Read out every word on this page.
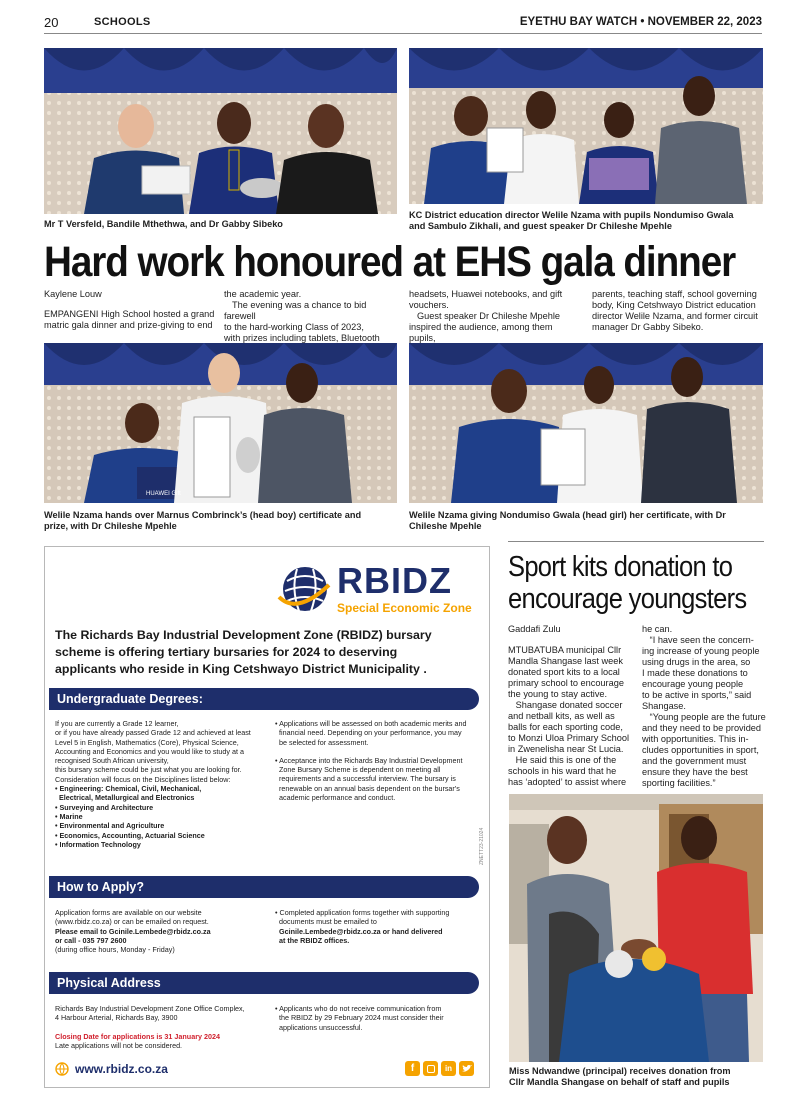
20	SCHOOLS	EYETHU BAY WATCH • NOVEMBER 22, 2023
Mr T Versfeld, Bandile Mthethwa, and Dr Gabby Sibeko
KC District education director Welile Nzama with pupils Nondumiso Gwala
and Sambulo Zikhali, and guest speaker Dr Chileshe Mpehle
Hard work honoured at EHS gala dinner
Kaylene Louw
EMPANGENI High School hosted a grand
matric gala dinner and prize-giving to end
the academic year.
The evening was a chance to bid farewell
to the hard-working Class of 2023,
with prizes including tablets, Bluetooth
headsets, Huawei notebooks, and gift
vouchers.
Guest speaker Dr Chileshe Mpehle
inspired the audience, among them pupils,
parents, teaching staff, school governing
body, King Cetshwayo District education
director Welile Nzama, and former circuit
manager Dr Gabby Sibeko.
HUAWEI Gift
Welile Nzama hands over Marnus Combrinck’s (head boy) certificate and
prize, with Dr Chileshe Mpehle
Welile Nzama giving Nondumiso Gwala (head girl) her certificate, with Dr
Chileshe Mpehle
RBIDZ
Special Economic Zone
The Richards Bay Industrial Development Zone (RBIDZ) bursary
scheme is offering tertiary bursaries for 2024 to deserving
applicants who reside in King Cetshwayo District Municipality .
Undergraduate Degrees:
If you are currently a Grade 12 learner,
or if you have already passed Grade 12 and achieved at least
Level 5 in English, Mathematics (Core), Physical Science,
Accounting and Economics and you would like to study at a
recognised South African university,
this bursary scheme could be just what you are looking for.
Consideration will focus on the Disciplines listed below:
• Engineering: Chemical, Civil, Mechanical,
Electrical, Metallurgical and Electronics
• Surveying and Architecture
• Marine
• Environmental and Agriculture
• Economics, Accounting, Actuarial Science
• Information Technology
• Applications will be assessed on both academic merits and
financial need. Depending on your performance, you may
be selected for assessment.
• Acceptance into the Richards Bay Industrial Development
Zone Bursary Scheme is dependent on meeting all
requirements and a successful interview. The bursary is
renewable on an annual basis dependent on the bursar's
academic performance and conduct.
ZNETT23-21024
How to Apply?
Application forms are available on our website
(www.rbidz.co.za) or can be emailed on request.
Please email to Gcinile.Lembede@rbidz.co.za
or call - 035 797 2600
(during office hours, Monday - Friday)
• Completed application forms together with supporting
documents must be emailed to
Gcinile.Lembede@rbidz.co.za or hand delivered
at the RBIDZ offices.
Physical Address
Richards Bay Industrial Development Zone Office Complex,
4 Harbour Arterial, Richards Bay, 3900
Closing Date for applications is 31 January 2024
Late applications will not be considered.
• Applicants who do not receive communication from
the RBIDZ by 29 February 2024 must consider their
applications unsuccessful.
www.rbidz.co.za	f	in
Sport kits donation to
encourage youngsters
Gaddafi Zulu
MTUBATUBA municipal Cllr
Mandla Shangase last week
donated sport kits to a local
primary school to encourage
the young to stay active.
Shangase donated soccer
and netball kits, as well as
balls for each sporting code,
to Monzi Uloa Primary School
in Zwenelisha near St Lucia.
He said this is one of the
schools in his ward that he
has ‘adopted’ to assist where
he can.
“I have seen the concern-
ing increase of young people
using drugs in the area, so
I made these donations to
encourage young people
to be active in sports,” said
Shangase.
“Young people are the future
and they need to be provided
with opportunities. This in-
cludes opportunities in sport,
and the government must
ensure they have the best
sporting facilities.”
Miss Ndwandwe (principal) receives donation from
Cllr Mandla Shangase on behalf of staff and pupils
